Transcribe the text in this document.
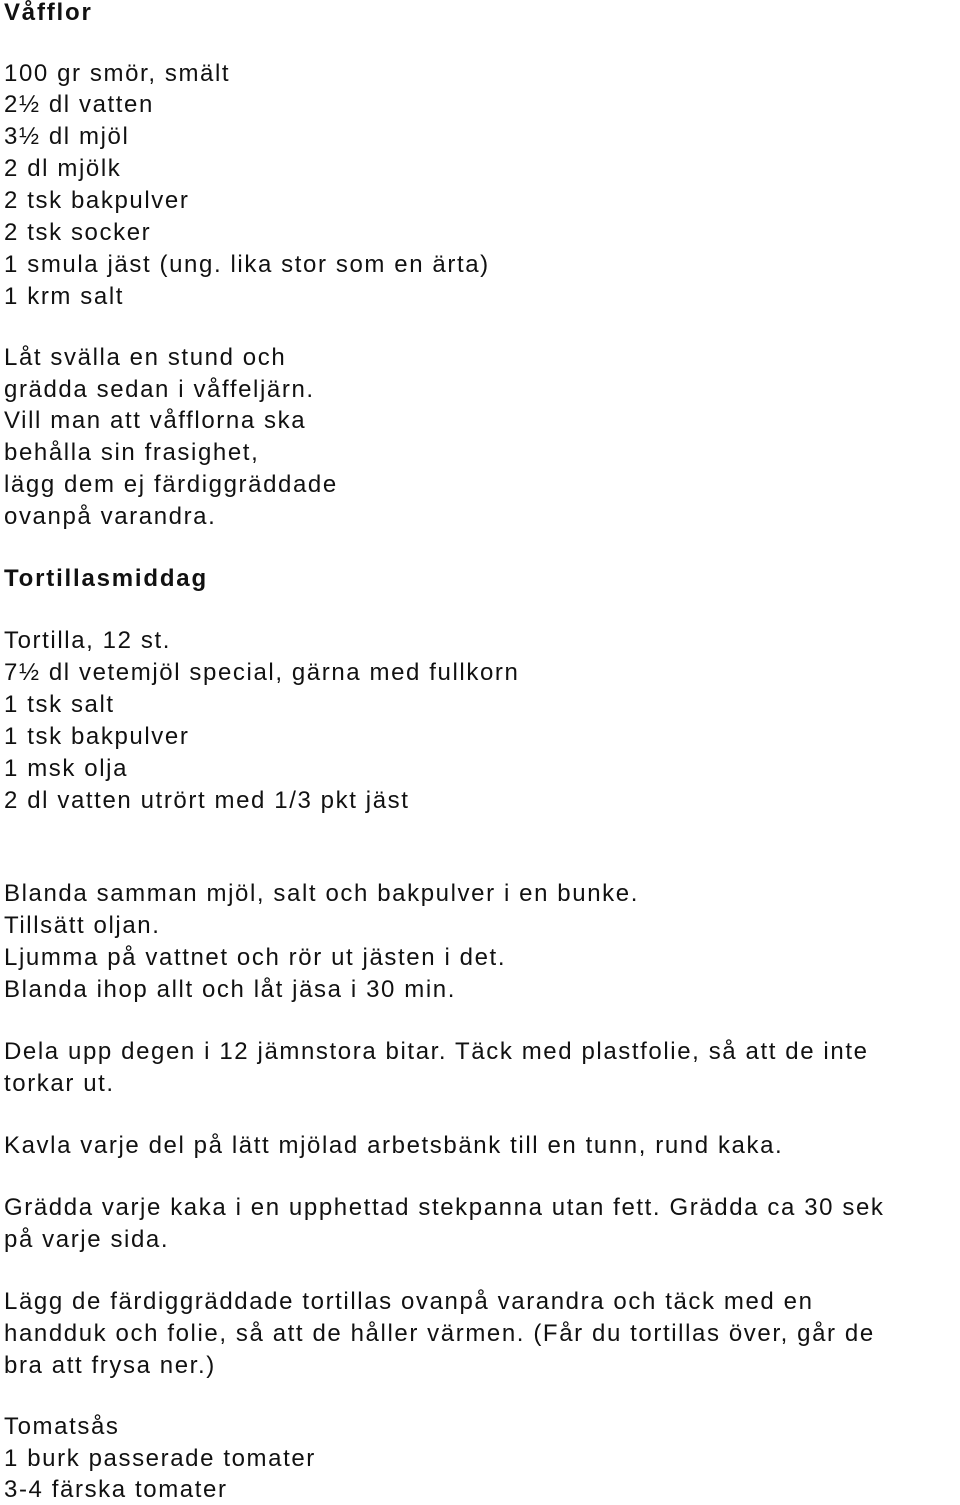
Våfflor

100 gr smör, smält

2½ dl vatten

3½ dl mjöl

2 dl mjölk

2 tsk bakpulver

2 tsk socker

1 smula jäst (ung. lika stor som en ärta)

1 krm salt

Låt svälla en stund och

grädda sedan i våffeljärn.

Vill man att våfflorna ska

behålla sin frasighet,

lägg dem ej färdiggräddade

ovanpå varandra.

Tortillasmiddag

Tortilla, 12 st.

7½ dl vetemjöl special, gärna med fullkorn

1 tsk salt

1 tsk bakpulver

1 msk olja

2 dl vatten utrört med 1/3 pkt jäst

Blanda samman mjöl, salt och bakpulver i en bunke.

Tillsätt oljan.

Ljumma på vattnet och rör ut jästen i det.

Blanda ihop allt och låt jäsa i 30 min.

Dela upp degen i 12 jämnstora bitar. Täck med plastfolie, så att de inte

torkar ut.

Kavla varje del på lätt mjölad arbetsbänk till en tunn, rund kaka.

Grädda varje kaka i en upphettad stekpanna utan fett. Grädda ca 30 sek

på varje sida.

Lägg de färdiggräddade tortillas ovanpå varandra och täck med en

handduk och folie, så att de håller värmen. (Får du tortillas över, går de

bra att frysa ner.)

Tomatsås

1 burk passerade tomater

3-4 färska tomater
